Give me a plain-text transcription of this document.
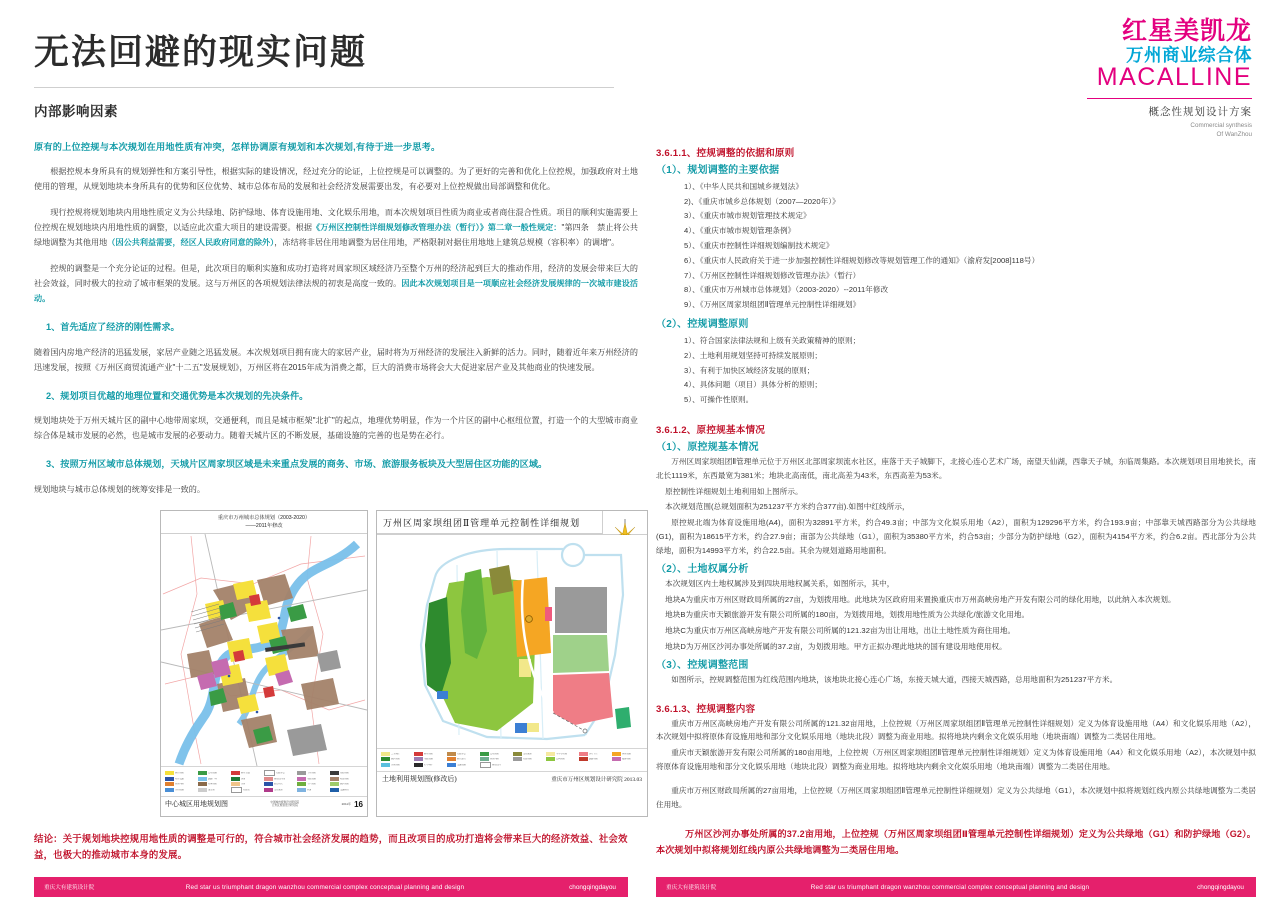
无法回避的现实问题
内部影响因素
原有的上位控规与本次规划在用地性质有冲突，怎样协调原有规划和本次规划,有待于进一步思考。

根据控规本身所具有的规划弹性和方案引导性，根据实际的建设情况，经过充分的论证，上位控规是可以调整的。为了更好的完善和优化上位控规，加强政府对土地使用的管理，从规划地块本身所具有的优势和区位优势、城市总体布局的发展和社会经济发展需要出发，有必要对上位控规做出局部调整和优化。

现行控规将规划地块内用地性质定义为公共绿地、防护绿地、体育设施用地、文化娱乐用地，而本次规划项目性质为商业或者商住混合性质。项目的顺利实施需要上位控规在规划地块内用地性质的调整，以适应此次重大项目的建设需要。根据《万州区控制性详细规划修改管理办法（暂行）》第二章一般性规定："第四条　禁止将公共绿地调整为其他用地（因公共利益需要，经区人民政府同意的除外），冻结将非居住用地调整为居住用地，严格限制对据住用地地上建筑总规模（容积率）的调增"。

控规的调整是一个充分论证的过程。但是，此次项目的顺利实施和成功打造将对周家坝区域经济乃至整个万州的经济起到巨大的推动作用，经济的发展会带来巨大的社会效益，同时极大的拉动了城市框架的发展。这与万州区的各项规划法律法规的初衷是高度一致的。因此本次规划项目是一项顺应社会经济发展规律的一次城市建设活动。

1、首先适应了经济的刚性需求。

随着国内房地产经济的迅猛发展，家居产业随之迅猛发展。本次规划项目拥有庞大的家居产业，届时将为万州经济的发展注入新鲜的活力。同时，随着近年来万州经济的迅速发展，按照《万州区商贸流通产业"十二五"发展规划》，万州区将在2015年成为消费之都，巨大的消费市场将会大大促进家居产业及其他商业的快速发展。

2、规划项目优越的地理位置和交通优势是本次规划的先决条件。

规划地块处于万州天城片区的副中心地带周家坝，交通便利，而且是城市框架"北扩"的起点，地理优势明显，作为一个片区的副中心枢纽位置，打造一个的大型城市商业综合体是城市发展的必然，也是城市发展的必要动力。随着天城片区的不断发展，基础设施的完善的也是势在必行。

3、按照万州区域市总体规划，天城片区周家坝区域是未来重点发展的商务、市场、旅游服务板块及大型居住区功能的区域。

规划地块与城市总体规划的统筹安排是一致的。

重庆市万州城市总体规划（2003-2020）
——2011年修改
居住用地	公共设施	商业金融	行政办公	工业用地	仓储用地
对外交通	道路广场	绿地	规划范围线	市政设施	村镇用地
教育科研	特殊用地	水域	港口码头	生产绿地	防护绿地
水利设施	预留地	待建设	文化娱乐	河流	交通枢纽
中心城区用地规划图	中国城市规划设计研究院
万州区规划设计研究院	2011年 16
万州区周家坝组团Ⅱ管理单元控制性详细规划
二类居住	商业用地	行政办公	公共绿地	文化娱乐	中小学用地	医疗卫生	体育设施
防护绿地	市政设施	商住混合	教育科研	待建用地	公园绿地	道路用地	旅游用地
水域用地	停车场库	交通设施	规划范围
土地利用规划图(修改后)	重庆市万州区规划设计研究院 2013.03
结论：关于规划地块控规用地性质的调整是可行的，符合城市社会经济发展的趋势，而且改项目的成功打造将会带来巨大的经济效益、社会效益，也极大的推动城市本身的发展。
红星美凯龙
万州商业综合体
MACALLINE
概念性规划设计方案
Commercial synthesis
Of WanZhou
3.6.1.1、控规调整的依据和原则
（1）、规划调整的主要依据
1）、《中华人民共和国城乡规划法》
2)、《重庆市城乡总体规划（2007—2020年）》
3）、《重庆市城市规划管理技术规定》
4）、《重庆市城市规划管理条例》
5）、《重庆市控制性详细规划编制技术规定》
6）、《重庆市人民政府关于进一步加强控制性详细规划修改等规划管理工作的通知》（渝府发[2008]118号）
7）、《万州区控制性详细规划修改管理办法》（暂行）
8）、《重庆市万州城市总体规划》（2003-2020）--2011年修改
9）、《万州区周家坝组团Ⅱ管理单元控制性详细规划》
（2）、控规调整原则
1）、符合国家法律法规和上级有关政策精神的原则；
2）、土地利用规划坚持可持续发展原则；
3）、有利于加快区域经济发展的原则；
4）、具体问题（项目）具体分析的原则；
5）、可操作性原则。
3.6.1.2、原控规基本情况
（1）、原控规基本情况

万州区周家坝组团Ⅱ管理单元位于万州区北部周家坝流水社区，座落于天子城脚下，北接心连心艺术广场，南望天仙湖，西靠天子城，东临周集路。本次规划项目用地狭长，南北长1119米，东西最宽为381米；地块北高南低，南北高差为43米，东西高差为53米。

原控制性详细规划土地利用如上图所示。

本次规划范围(总规划面积为251237平方米约合377亩).如图中红线所示，

原控规北端为体育设施用地(A4)，面积为32891平方米，约合49.3亩；中部为文化娱乐用地（A2），面积为129296平方米，约合193.9亩；中部靠天城西路部分为公共绿地(G1)，面积为18615平方米，约合27.9亩；南部为公共绿地（G1），面积为35380平方米，约合53亩；少部分为防护绿地（G2），面积为4154平方米，约合6.2亩。西北部分为公共绿地，面积为14993平方米，约合22.5亩。其余为规划道路用地面积。

（2）、土地权属分析

本次规划区内土地权属涉及到四块用地权属关系，如图所示，其中，

地块A为重庆市万州区财政局所属的27亩，为划拨用地。此地块为区政府用来置换重庆市万州高峡房地产开发有限公司的绿化用地，以此纳入本次规划。

地块B为重庆市天颖旅游开发有限公司所属的180亩，为划拨用地，划拨用地性质为公共绿化/旅游文化用地。

地块C为重庆市万州区高峡房地产开发有限公司所属的121.32亩为出让用地，出让土地性质为商住用地。

地块D为万州区沙河办事处所属的37.2亩，为划拨用地。甲方正拟办理此地块的国有建设用地使用权。

（3）、控规调整范围

如图所示，控规调整范围为红线范围内地块，该地块北接心连心广场，东接天城大道，西接天城西路，总用地面积为251237平方米。

3.6.1.3、控规调整内容

重庆市万州区高峡房地产开发有限公司所属的121.32亩用地，上位控规（万州区周家坝组团Ⅱ管理单元控制性详细规划）定义为体育设施用地（A4）和文化娱乐用地（A2），本次规划中拟将原体育设施用地和部分文化娱乐用地（地块北段）调整为商业用地。拟将地块内剩余文化娱乐用地（地块南端）调整为二类居住用地。

重庆市天颖旅游开发有限公司所属的180亩用地，上位控规（万州区周家坝组团Ⅱ管理单元控制性详细规划）定义为体育设施用地（A4）和文化娱乐用地（A2），本次规划中拟将原体育设施用地和部分文化娱乐用地（地块北段）调整为商业用地。拟将地块内剩余文化娱乐用地（地块南端）调整为二类居住用地。

重庆市万州区财政局所属的27亩用地，上位控规（万州区周家坝组团Ⅱ管理单元控制性详细规划）定义为公共绿地（G1），本次规划中拟将规划红线内原公共绿地调整为二类居住用地。

万州区沙河办事处所属的37.2亩用地，上位控规（万州区周家坝组团Ⅱ管理单元控制性详细规划）定义为公共绿地（G1）和防护绿地（G2）。本次规划中拟将规划红线内原公共绿地调整为二类居住用地。

重庆大有建筑设计院	Red star us triumphant dragon wanzhou commercial complex conceptual planning and design	chongqingdayou	重庆大有建筑设计院	Red star us triumphant dragon wanzhou commercial complex conceptual planning and design	chongqingdayou
